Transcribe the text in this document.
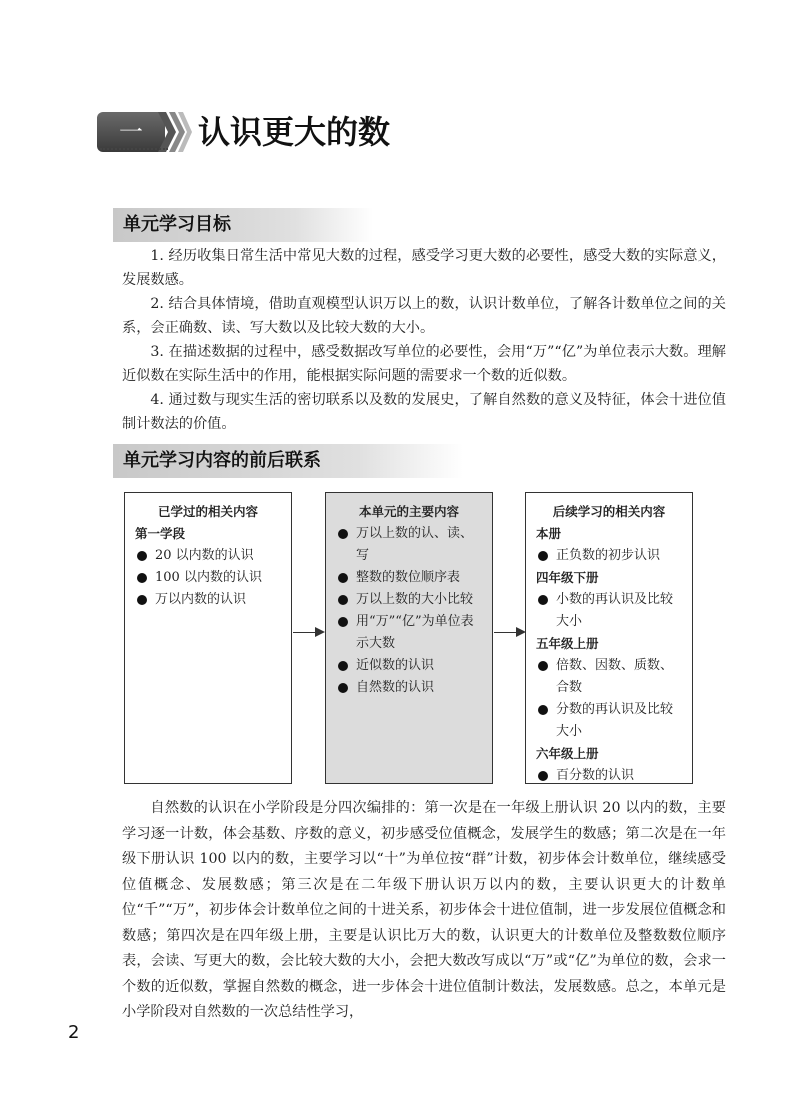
一	认识更大的数
单元学习目标

1. 经历收集日常生活中常见大数的过程，感受学习更大数的必要性，感受大数的实际意义，发展数感。

2. 结合具体情境，借助直观模型认识万以上的数，认识计数单位，了解各计数单位之间的关系，会正确数、读、写大数以及比较大数的大小。

3. 在描述数据的过程中，感受数据改写单位的必要性，会用“万”“亿”为单位表示大数。理解近似数在实际生活中的作用，能根据实际问题的需要求一个数的近似数。

4. 通过数与现实生活的密切联系以及数的发展史，了解自然数的意义及特征，体会十进位值制计数法的价值。

单元学习内容的前后联系
已学过的相关内容
第一学段
20 以内数的认识
100 以内数的认识
万以内数的认识
本单元的主要内容
万以上数的认、读、写
整数的数位顺序表
万以上数的大小比较
用“万”“亿”为单位表示大数
近似数的认识
自然数的认识
后续学习的相关内容
本册
正负数的初步认识
四年级下册
小数的再认识及比较大小
五年级上册
倍数、因数、质数、合数
分数的再认识及比较大小
六年级上册
百分数的认识

自然数的认识在小学阶段是分四次编排的：第一次是在一年级上册认识 20 以内的数，主要学习逐一计数，体会基数、序数的意义，初步感受位值概念，发展学生的数感；第二次是在一年级下册认识 100 以内的数，主要学习以“十”为单位按“群”计数，初步体会计数单位，继续感受位值概念、发展数感；第三次是在二年级下册认识万以内的数，主要认识更大的计数单位“千”“万”，初步体会计数单位之间的十进关系，初步体会十进位值制，进一步发展位值概念和数感；第四次是在四年级上册，主要是认识比万大的数，认识更大的计数单位及整数数位顺序表，会读、写更大的数，会比较大数的大小，会把大数改写成以“万”或“亿”为单位的数，会求一个数的近似数，掌握自然数的概念，进一步体会十进位值制计数法，发展数感。总之，本单元是小学阶段对自然数的一次总结性学习，

2
